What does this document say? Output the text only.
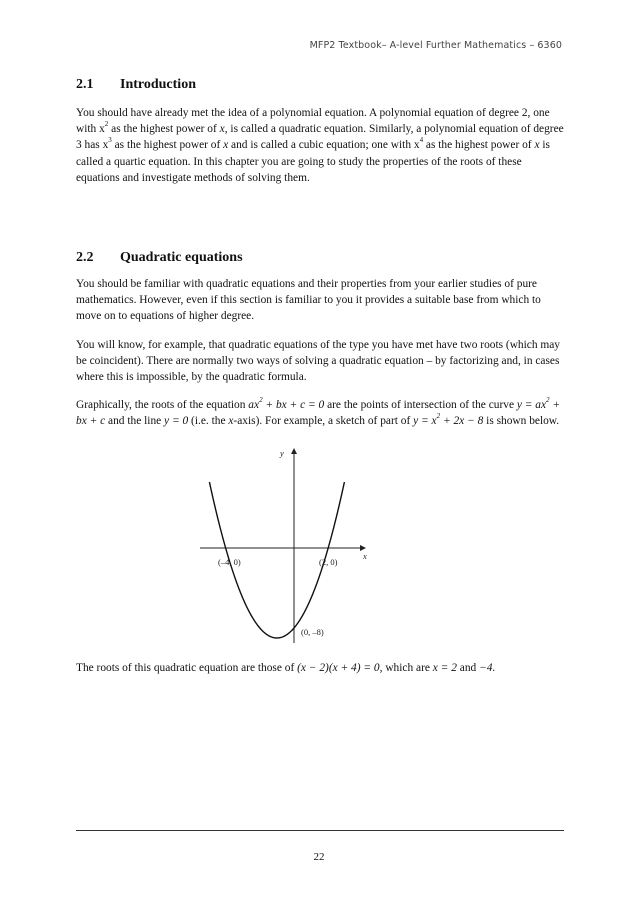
MFP2 Textbook– A-level Further Mathematics – 6360
2.1 Introduction

You should have already met the idea of a polynomial equation. A polynomial equation of degree 2, one with $x^2$ as the highest power of x, is called a quadratic equation. Similarly, a polynomial equation of degree 3 has $x^3$ as the highest power of x and is called a cubic equation; one with $x^4$ as the highest power of x is called a quartic equation. In this chapter you are going to study the properties of the roots of these equations and investigate methods of solving them.

2.2 Quadratic equations

You should be familiar with quadratic equations and their properties from your earlier studies of pure mathematics. However, even if this section is familiar to you it provides a suitable base from which to move on to equations of higher degree.

You will know, for example, that quadratic equations of the type you have met have two roots (which may be coincident). There are normally two ways of solving a quadratic equation – by factorizing and, in cases where this is impossible, by the quadratic formula.

Graphically, the roots of the equation $ax^2$ + bx + c = 0 are the points of intersection of the curve $y = ax^2$ + bx + c and the line y = 0 (i.e. the x-axis). For example, a sketch of part of $y = x^2 + 2x - 8$ is shown below.

y
x
(–4, 0)	(2, 0)
(0, –8)

The roots of this quadratic equation are those of (x − 2)(x + 4) = 0, which are x = 2 and −4.

22
